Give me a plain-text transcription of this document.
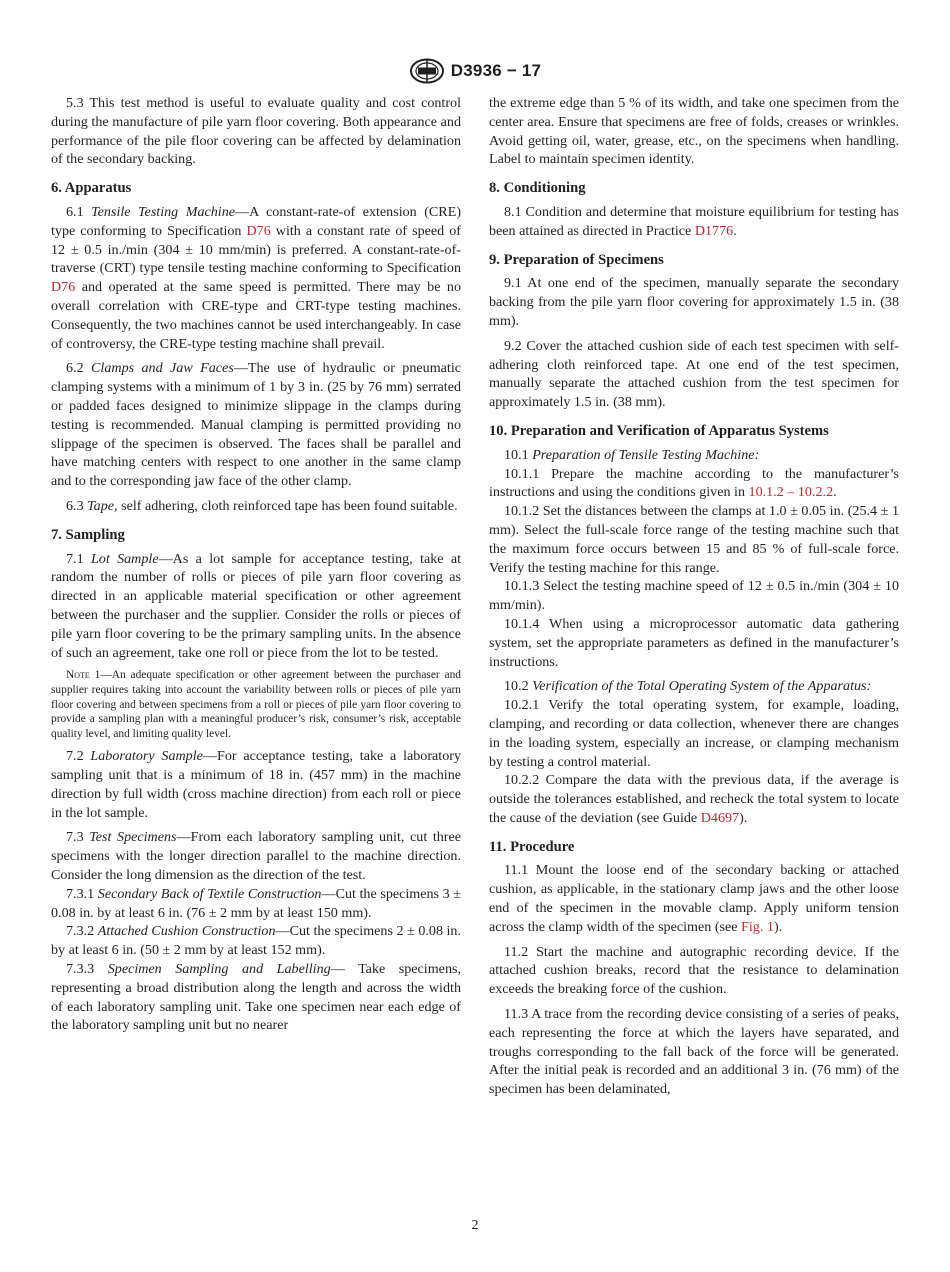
D3936 − 17

5.3 This test method is useful to evaluate quality and cost control during the manufacture of pile yarn floor covering. Both appearance and performance of the pile floor covering can be affected by delamination of the secondary backing.

6. Apparatus

6.1 Tensile Testing Machine—A constant-rate-of extension (CRE) type conforming to Specification D76 with a constant rate of speed of 12 ± 0.5 in./min (304 ± 10 mm/min) is preferred. A constant-rate-of-traverse (CRT) type tensile testing machine conforming to Specification D76 and operated at the same speed is permitted. There may be no overall correlation with CRE-type and CRT-type testing machines. Consequently, the two machines cannot be used interchangeably. In case of controversy, the CRE-type testing machine shall prevail.

6.2 Clamps and Jaw Faces—The use of hydraulic or pneumatic clamping systems with a minimum of 1 by 3 in. (25 by 76 mm) serrated or padded faces designed to minimize slippage in the clamps during testing is recommended. Manual clamping is permitted providing no slippage of the specimen is observed. The faces shall be parallel and have matching centers with respect to one another in the same clamp and to the corresponding jaw face of the other clamp.

6.3 Tape, self adhering, cloth reinforced tape has been found suitable.

7. Sampling

7.1 Lot Sample—As a lot sample for acceptance testing, take at random the number of rolls or pieces of pile yarn floor covering as directed in an applicable material specification or other agreement between the purchaser and the supplier. Consider the rolls or pieces of pile yarn floor covering to be the primary sampling units. In the absence of such an agreement, take one roll or piece from the lot to be tested.

Note 1—An adequate specification or other agreement between the purchaser and supplier requires taking into account the variability between rolls or pieces of pile yarn floor covering and between specimens from a roll or pieces of pile yarn floor covering to provide a sampling plan with a meaningful producer’s risk, consumer’s risk, acceptable quality level, and limiting quality level.

7.2 Laboratory Sample—For acceptance testing, take a laboratory sampling unit that is a minimum of 18 in. (457 mm) in the machine direction by full width (cross machine direction) from each roll or piece in the lot sample.

7.3 Test Specimens—From each laboratory sampling unit, cut three specimens with the longer direction parallel to the machine direction. Consider the long dimension as the direction of the test.

7.3.1 Secondary Back of Textile Construction—Cut the specimens 3 ± 0.08 in. by at least 6 in. (76 ± 2 mm by at least 150 mm).

7.3.2 Attached Cushion Construction—Cut the specimens 2 ± 0.08 in. by at least 6 in. (50 ± 2 mm by at least 152 mm).

7.3.3 Specimen Sampling and Labelling— Take specimens, representing a broad distribution along the length and across the width of each laboratory sampling unit. Take one specimen near each edge of the laboratory sampling unit but no nearer

the extreme edge than 5 % of its width, and take one specimen from the center area. Ensure that specimens are free of folds, creases or wrinkles. Avoid getting oil, water, grease, etc., on the specimens when handling. Label to maintain specimen identity.

8. Conditioning

8.1 Condition and determine that moisture equilibrium for testing has been attained as directed in Practice D1776.

9. Preparation of Specimens

9.1 At one end of the specimen, manually separate the secondary backing from the pile yarn floor covering for approximately 1.5 in. (38 mm).

9.2 Cover the attached cushion side of each test specimen with self-adhering cloth reinforced tape. At one end of the test specimen, manually separate the attached cushion from the test specimen for approximately 1.5 in. (38 mm).

10. Preparation and Verification of Apparatus Systems

10.1 Preparation of Tensile Testing Machine:

10.1.1 Prepare the machine according to the manufacturer’s instructions and using the conditions given in 10.1.2 – 10.2.2.

10.1.2 Set the distances between the clamps at 1.0 ± 0.05 in. (25.4 ± 1 mm). Select the full-scale force range of the testing machine such that the maximum force occurs between 15 and 85 % of full-scale force. Verify the testing machine for this range.

10.1.3 Select the testing machine speed of 12 ± 0.5 in./min (304 ± 10 mm/min).

10.1.4 When using a microprocessor automatic data gathering system, set the appropriate parameters as defined in the manufacturer’s instructions.

10.2 Verification of the Total Operating System of the Apparatus:

10.2.1 Verify the total operating system, for example, loading, clamping, and recording or data collection, whenever there are changes in the loading system, especially an increase, or clamping mechanism by testing a control material.

10.2.2 Compare the data with the previous data, if the average is outside the tolerances established, and recheck the total system to locate the cause of the deviation (see Guide D4697).

11. Procedure

11.1 Mount the loose end of the secondary backing or attached cushion, as applicable, in the stationary clamp jaws and the other loose end of the specimen in the movable clamp. Apply uniform tension across the clamp width of the specimen (see Fig. 1).

11.2 Start the machine and autographic recording device. If the attached cushion breaks, record that the resistance to delamination exceeds the breaking force of the cushion.

11.3 A trace from the recording device consisting of a series of peaks, each representing the force at which the layers have separated, and troughs corresponding to the fall back of the force will be generated. After the initial peak is recorded and an additional 3 in. (76 mm) of the specimen has been delaminated,

2
